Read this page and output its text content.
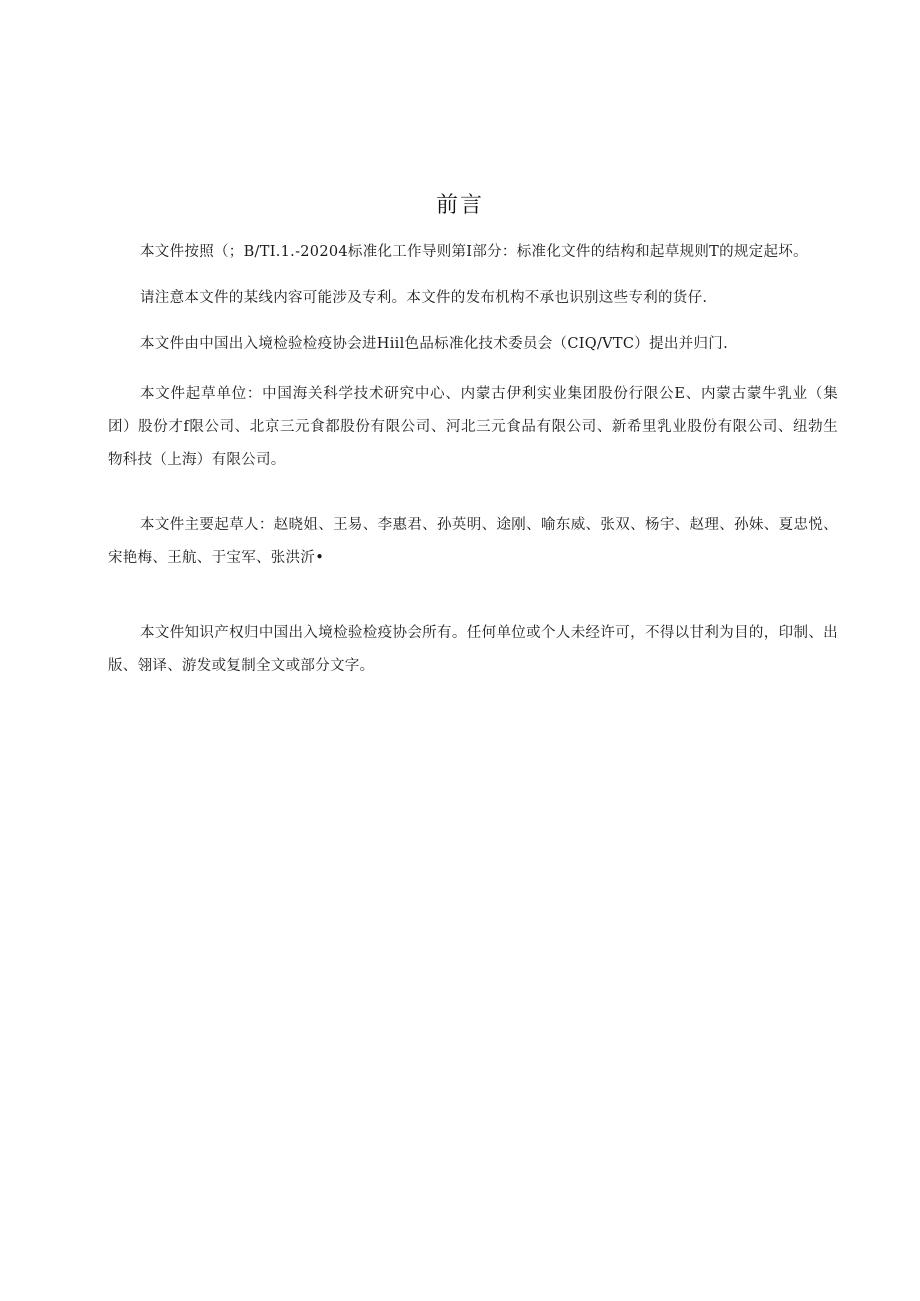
前言
本文件按照（；B/TI.1.-20204标准化工作导则第I部分：标准化文件的结构和起草规则T的规定起坏。
请注意本文件的某线内容可能涉及专利。本文件的发布机构不承也识别这些专利的货仔.
本文件由中国出入境检验检疫协会进Hiil色品标准化技术委员会（CIQ/VTC）提出并归门.
本文件起草单位：中国海关科学技术研究中心、内蒙古伊利实业集团股份行限公E、内蒙古蒙牛乳业（集团）股份才f限公司、北京三元食都股份有限公司、河北三元食品有限公司、新希里乳业股份有限公司、纽勃生物科技（上海）有限公司。
本文件主要起草人：赵晓姐、王易、李惠君、孙英明、途刚、喻东威、张双、杨宇、赵理、孙妹、夏忠悦、宋艳梅、王航、于宝军、张洪沂•
本文件知识产权归中国出入境检验检疫协会所有。任何单位或个人未经许可，不得以甘利为目的，印制、出版、翎译、游发或复制全文或部分文字。
